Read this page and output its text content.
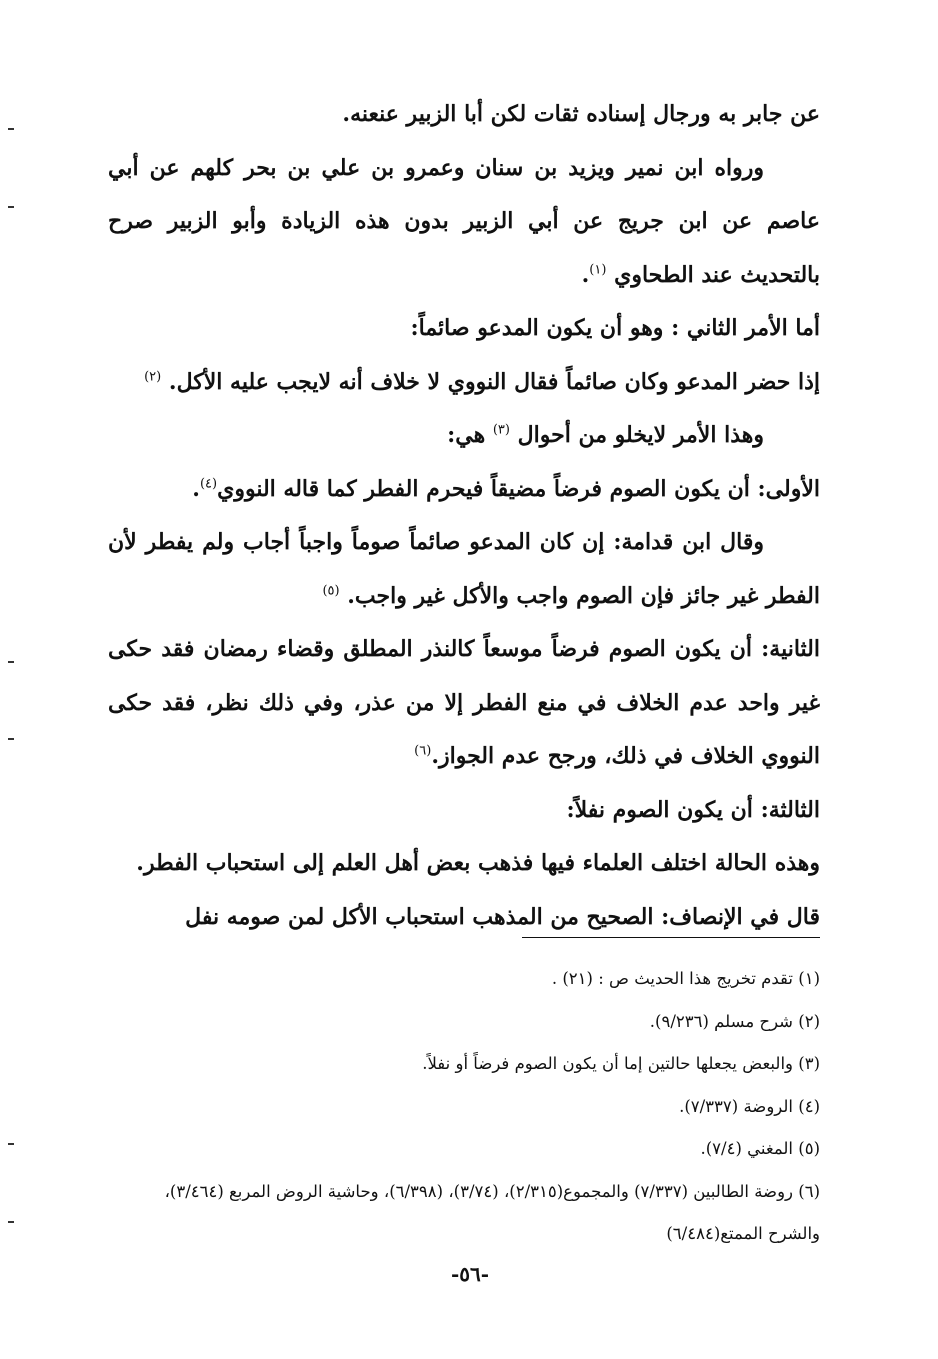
عن جابر به ورجال إسناده ثقات لكن أبا الزبير عنعنه.

ورواه ابن نمير ويزيد بن سنان وعمرو بن علي بن بحر كلهم عن أبي عاصم عن ابن جريج عن أبي الزبير بدون هذه الزيادة وأبو الزبير صرح بالتحديث عند الطحاوي $^{(١)}$.

أما الأمر الثاني : وهو أن يكون المدعو صائماً:

إذا حضر المدعو وكان صائماً فقال النووي لا خلاف أنه لايجب عليه الأكل. $^{(٢)}$

وهذا الأمر لايخلو من أحوال $^{(٣)}$ هي:

الأولى: أن يكون الصوم فرضاً مضيقاً فيحرم الفطر كما قاله النووي$^{(٤)}$.

وقال ابن قدامة: إن كان المدعو صائماً صوماً واجباً أجاب ولم يفطر لأن الفطر غير جائز فإن الصوم واجب والأكل غير واجب. $^{(٥)}$

الثانية: أن يكون الصوم فرضاً موسعاً كالنذر المطلق وقضاء رمضان فقد حكى غير واحد عدم الخلاف في منع الفطر إلا من عذر، وفي ذلك نظر، فقد حكى النووي الخلاف في ذلك، ورجح عدم الجواز.$^{(٦)}$

الثالثة: أن يكون الصوم نفلاً:

وهذه الحالة اختلف العلماء فيها فذهب بعض أهل العلم إلى استحباب الفطر.

قال في الإنصاف: الصحيح من المذهب استحباب الأكل لمن صومه نفل

(١) تقدم تخريج هذا الحديث ص : (٢١) .

(٢) شرح مسلم (٩/٢٣٦).

(٣) والبعض يجعلها حالتين إما أن يكون الصوم فرضاً أو نفلاً.

(٤) الروضة (٧/٣٣٧).

(٥) المغني (٧/٤).

(٦) روضة الطالبين (٧/٣٣٧) والمجموع(٢/٣١٥)، (٣/٧٤)، (٦/٣٩٨)، وحاشية الروض المربع (٣/٤٦٤)، والشرح الممتع(٦/٤٨٤)

-٥٦-
